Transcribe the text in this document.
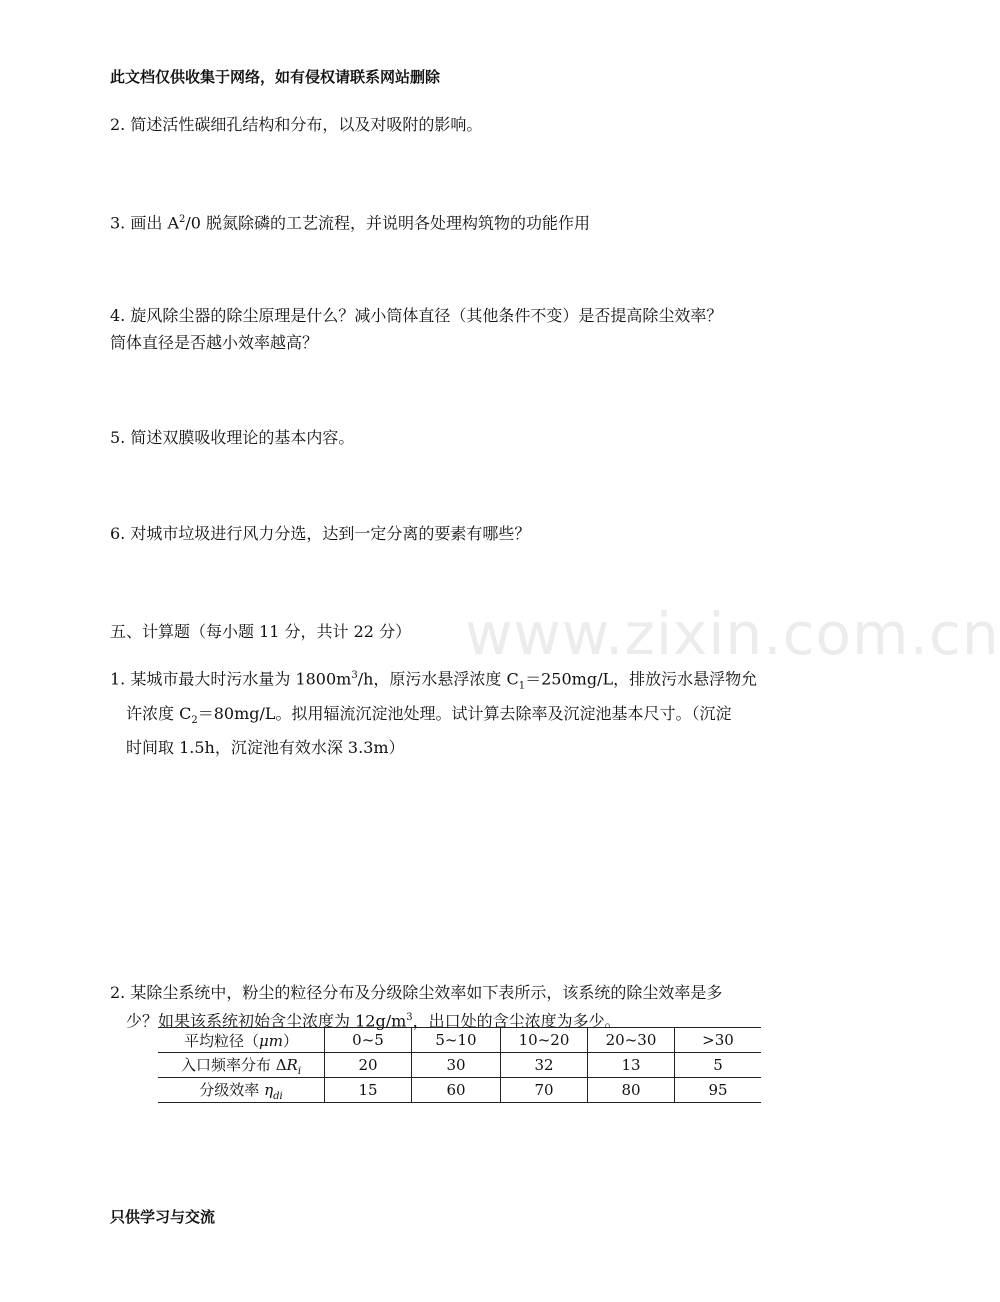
此文档仅供收集于网络，如有侵权请联系网站删除
2. 简述活性碳细孔结构和分布，以及对吸附的影响。
3. 画出 $A^2/0$ 脱氮除磷的工艺流程，并说明各处理构筑物的功能作用
4. 旋风除尘器的除尘原理是什么？减小筒体直径（其他条件不变）是否提高除尘效率？
筒体直径是否越小效率越高？
5. 简述双膜吸收理论的基本内容。
6. 对城市垃圾进行风力分选，达到一定分离的要素有哪些？
www.zixin.com.cn
五、计算题（每小题 11 分，共计 22 分）
1. 某城市最大时污水量为 $1800m^3/h$，原污水悬浮浓度 $C_1=250mg/L$，排放污水悬浮物允
许浓度 $C_2=80mg/L$。拟用辐流沉淀池处理。试计算去除率及沉淀池基本尺寸。（沉淀
时间取 1.5h，沉淀池有效水深 3.3m）
2. 某除尘系统中，粉尘的粒径分布及分级除尘效率如下表所示，该系统的除尘效率是多
少？如果该系统初始含尘浓度为 $12g/m^3$，出口处的含尘浓度为多少。
平均粒径（μm）	0~5	5~10	10~20	20~30	>30
入口频率分布 $\Delta R_i$	20	30	32	13	5
分级效率 $\eta_{di}$	15	60	70	80	95
只供学习与交流
